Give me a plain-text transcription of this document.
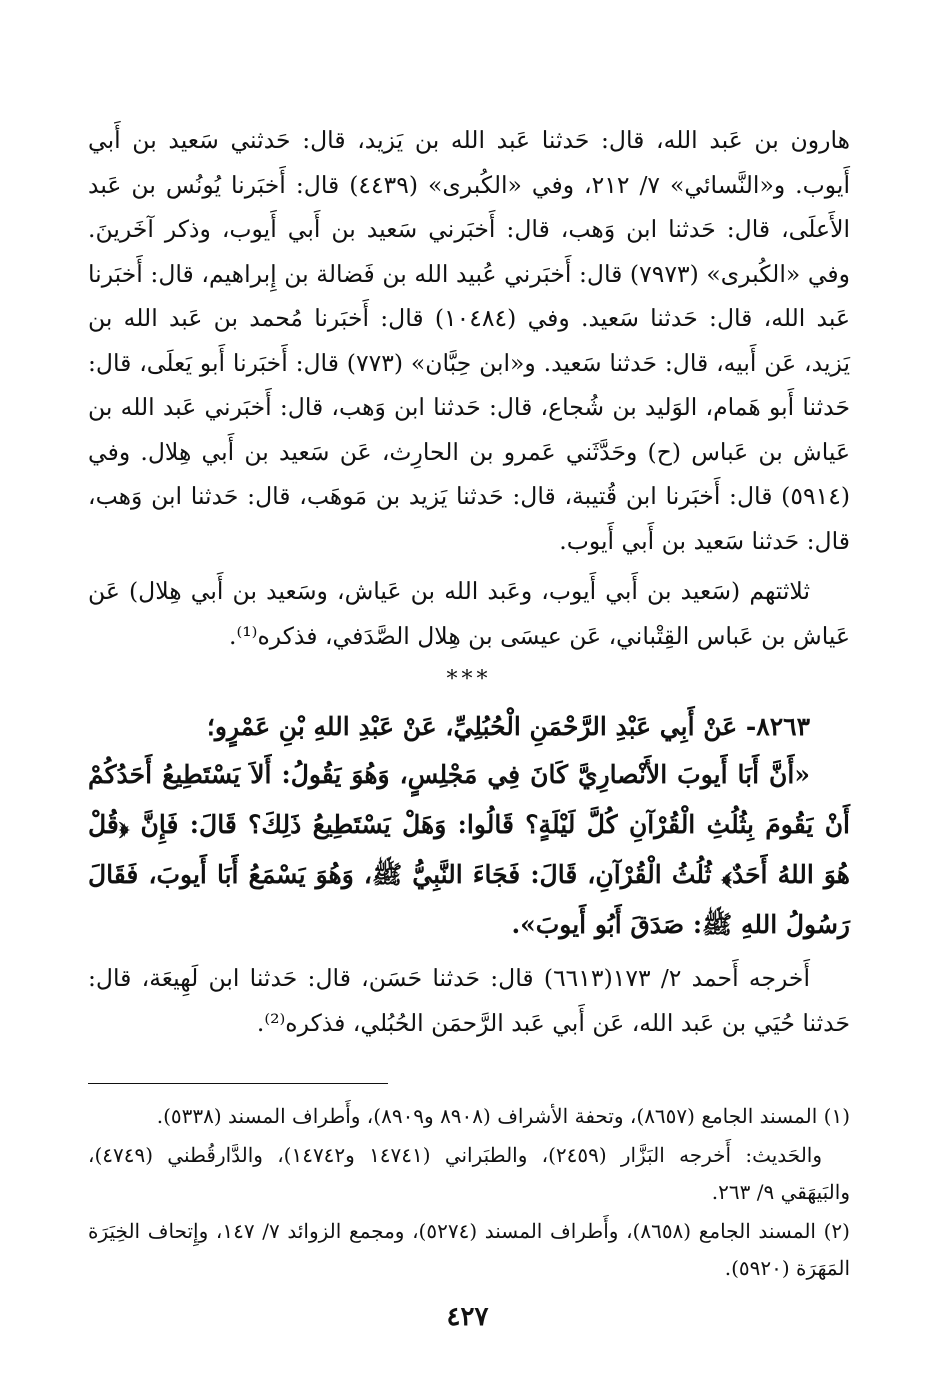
هارون بن عَبد الله، قال: حَدثنا عَبد الله بن يَزيد، قال: حَدثني سَعيد بن أَبي أَيوب. و«النَّسائي» ٧/ ٢١٢، وفي «الكُبرى» (٤٤٣٩) قال: أَخبَرنا يُونُس بن عَبد الأَعلَى، قال: حَدثنا ابن وَهب، قال: أَخبَرني سَعيد بن أَبي أَيوب، وذكر آخَرينَ. وفي «الكُبرى» (٧٩٧٣) قال: أَخبَرني عُبيد الله بن فَضالة بن إِبراهيم، قال: أَخبَرنا عَبد الله، قال: حَدثنا سَعيد. وفي (١٠٤٨٤) قال: أَخبَرنا مُحمد بن عَبد الله بن يَزيد، عَن أَبيه، قال: حَدثنا سَعيد. و«ابن حِبَّان» (٧٧٣) قال: أَخبَرنا أَبو يَعلَى، قال: حَدثنا أَبو هَمام، الوَليد بن شُجاع، قال: حَدثنا ابن وَهب، قال: أَخبَرني عَبد الله بن عَياش بن عَباس (ح) وحَدَّثَني عَمرو بن الحارِث، عَن سَعيد بن أَبي هِلال. وفي (٥٩١٤) قال: أَخبَرنا ابن قُتيبة، قال: حَدثنا يَزيد بن مَوهَب، قال: حَدثنا ابن وَهب، قال: حَدثنا سَعيد بن أَبي أَيوب.

ثلاثتهم (سَعيد بن أَبي أَيوب، وعَبد الله بن عَياش، وسَعيد بن أَبي هِلال) عَن عَياش بن عَباس القِتْباني، عَن عيسَى بن هِلال الصَّدَفي، فذكره⁽¹⁾.

***

٨٢٦٣- عَنْ أَبِي عَبْدِ الرَّحْمَنِ الْحُبُلِيِّ، عَنْ عَبْدِ اللهِ بْنِ عَمْرٍو؛

«أَنَّ أَبَا أَيوبَ الأَنْصارِيَّ كَانَ فِي مَجْلِسٍ، وَهُوَ يَقُولُ: أَلاَ يَسْتَطِيعُ أَحَدُكُمْ أَنْ يَقُومَ بِثُلُثِ الْقُرْآنِ كُلَّ لَيْلَةٍ؟ قَالُوا: وَهَلْ يَسْتَطِيعُ ذَلِكَ؟ قَالَ: فَإِنَّ ﴿قُلْ هُوَ اللهُ أَحَدٌ﴾ ثُلُثُ الْقُرْآنِ، قَالَ: فَجَاءَ النَّبِيُّ ﷺ، وَهُوَ يَسْمَعُ أَبَا أَيوبَ، فَقَالَ رَسُولُ اللهِ ﷺ: صَدَقَ أَبُو أَيوبَ».

أَخرجه أَحمد ٢/ ١٧٣(٦٦١٣) قال: حَدثنا حَسَن، قال: حَدثنا ابن لَهِيعَة، قال: حَدثنا حُيَي بن عَبد الله، عَن أَبي عَبد الرَّحمَن الحُبُلي، فذكره⁽²⁾.

(١) المسند الجامع (٨٦٥٧)، وتحفة الأشراف (٨٩٠٨ و٨٩٠٩)، وأَطراف المسند (٥٣٣٨).

والحَديث: أَخرجه البَزَّار (٢٤٥٩)، والطبَراني (١٤٧٤١ و١٤٧٤٢)، والدَّارقُطني (٤٧٤٩)، والبَيهَقي ٩/ ٢٦٣.

(٢) المسند الجامع (٨٦٥٨)، وأَطراف المسند (٥٢٧٤)، ومجمع الزوائد ٧/ ١٤٧، وإِتحاف الخِيَرَة المَهَرَة (٥٩٢٠).

٤٢٧
